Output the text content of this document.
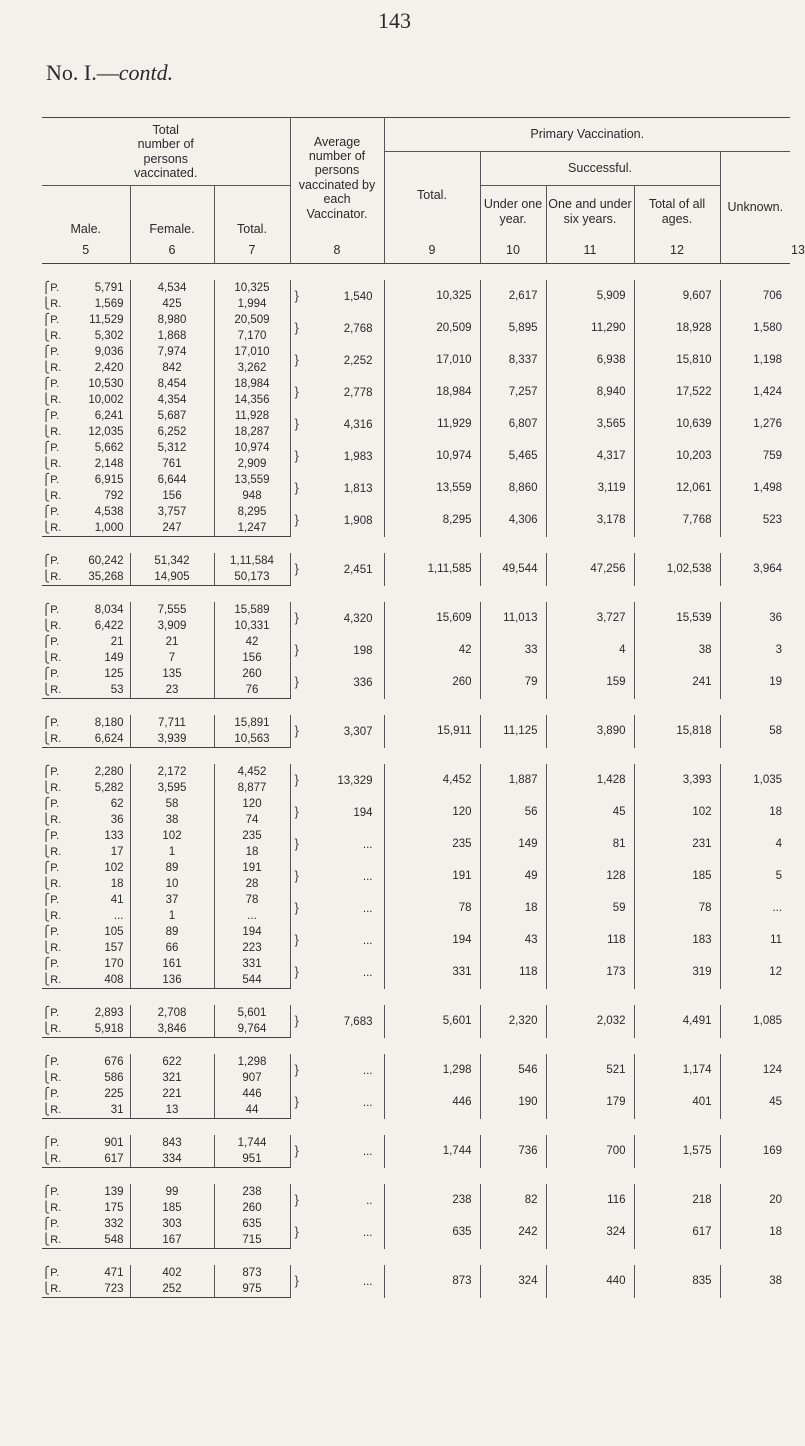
143
No. I.—contd.
Total number of persons vaccinated.				Average number of persons vaccinated by each Vaccinator.	Primary Vaccination.					
					Total.	Successful.			Unknown.	
Male.		Female.	Total.			Under one year.	One and under six years.	Total of all ages.		
5		6	7	8	9	10	11	12		13

⎧P.	5,791	4,534	10,325	} 1,540	10,325	2,617	5,909	9,607	706	
⎩R.	1,569	425	1,994							
⎧P.	11,529	8,980	20,509	} 2,768	20,509	5,895	11,290	18,928	1,580	
⎩R.	5,302	1,868	7,170							
⎧P.	9,036	7,974	17,010	} 2,252	17,010	8,337	6,938	15,810	1,198	
⎩R.	2,420	842	3,262							
⎧P.	10,530	8,454	18,984	} 2,778	18,984	7,257	8,940	17,522	1,424	
⎩R.	10,002	4,354	14,356							
⎧P.	6,241	5,687	11,928	} 4,316	11,929	6,807	3,565	10,639	1,276	
⎩R.	12,035	6,252	18,287							
⎧P.	5,662	5,312	10,974	} 1,983	10,974	5,465	4,317	10,203	759	
⎩R.	2,148	761	2,909							
⎧P.	6,915	6,644	13,559	} 1,813	13,559	8,860	3,119	12,061	1,498	
⎩R.	792	156	948							
⎧P.	4,538	3,757	8,295	} 1,908	8,295	4,306	3,178	7,768	523	
⎩R.	1,000	247	1,247							

⎧P.	60,242	51,342	1,11,584	} 2,451	1,11,585	49,544	47,256	1,02,538	3,964	
⎩R.	35,268	14,905	50,173							

⎧P.	8,034	7,555	15,589	} 4,320	15,609	11,013	3,727	15,539	36	
⎩R.	6,422	3,909	10,331							
⎧P.	21	21	42	} 198	42	33	4	38	3	
⎩R.	149	7	156							
⎧P.	125	135	260	} 336	260	79	159	241	19	
⎩R.	53	23	76							

⎧P.	8,180	7,711	15,891	} 3,307	15,911	11,125	3,890	15,818	58	
⎩R.	6,624	3,939	10,563							

⎧P.	2,280	2,172	4,452	} 13,329	4,452	1,887	1,428	3,393	1,035	
⎩R.	5,282	3,595	8,877							
⎧P.	62	58	120	} 194	120	56	45	102	18	
⎩R.	36	38	74							
⎧P.	133	102	235	} ...	235	149	81	231	4	
⎩R.	17	1	18							
⎧P.	102	89	191	} ...	191	49	128	185	5	
⎩R.	18	10	28							
⎧P.	41	37	78	} ...	78	18	59	78	...	
⎩R.	...	1	...							
⎧P.	105	89	194	} ...	194	43	118	183	11	
⎩R.	157	66	223							
⎧P.	170	161	331	} ...	331	118	173	319	12	
⎩R.	408	136	544							

⎧P.	2,893	2,708	5,601	} 7,683	5,601	2,320	2,032	4,491	1,085	
⎩R.	5,918	3,846	9,764							

⎧P.	676	622	1,298	} ...	1,298	546	521	1,174	124	
⎩R.	586	321	907							
⎧P.	225	221	446	} ...	446	190	179	401	45	
⎩R.	31	13	44							

⎧P.	901	843	1,744	} ...	1,744	736	700	1,575	169	
⎩R.	617	334	951							

⎧P.	139	99	238	} ..	238	82	116	218	20	
⎩R.	175	185	260							
⎧P.	332	303	635	} ...	635	242	324	617	18	
⎩R.	548	167	715							

⎧P.	471	402	873	} ...	873	324	440	835	38	
⎩R.	723	252	975							
